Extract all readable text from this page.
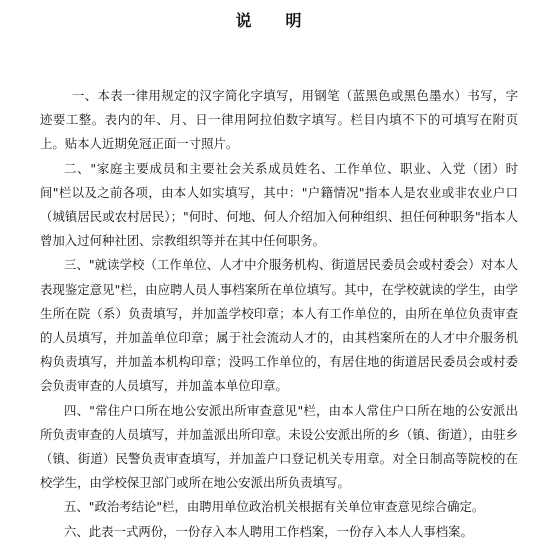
说明

一、本表一律用规定的汉字简化字填写，用钢笔（蓝黑色或黑色墨水）书写，字迹要工整。表内的年、月、日一律用阿拉伯数字填写。栏目内填不下的可填写在附页上。贴本人近期免冠正面一寸照片。

二、"家庭主要成员和主要社会关系成员姓名、工作单位、职业、入党（团）时间"栏以及之前各项，由本人如实填写，其中："户籍情况"指本人是农业或非农业户口（城镇居民或农村居民）；"何时、何地、何人介绍加入何种组织、担任何种职务"指本人曾加入过何种社团、宗教组织等并在其中任何职务。

三、"就读学校（工作单位、人才中介服务机构、街道居民委员会或村委会）对本人表现鉴定意见"栏，由应聘人员人事档案所在单位填写。其中，在学校就读的学生，由学生所在院（系）负责填写，并加盖学校印章；本人有工作单位的，由所在单位负责审查的人员填写，并加盖单位印章；属于社会流动人才的，由其档案所在的人才中介服务机构负责填写，并加盖本机构印章；没吗工作单位的，有居住地的街道居民委员会或村委会负责审查的人员填写，并加盖本单位印章。

四、"常住户口所在地公安派出所审查意见"栏，由本人常住户口所在地的公安派出所负责审查的人员填写，并加盖派出所印章。未设公安派出所的乡（镇、街道），由驻乡（镇、街道）民警负责审查填写，并加盖户口登记机关专用章。对全日制高等院校的在校学生，由学校保卫部门或所在地公安派出所负责填写。

五、"政治考结论"栏，由聘用单位政治机关根据有关单位审查意见综合确定。

六、此表一式两份，一份存入本人聘用工作档案，一份存入本人人事档案。
